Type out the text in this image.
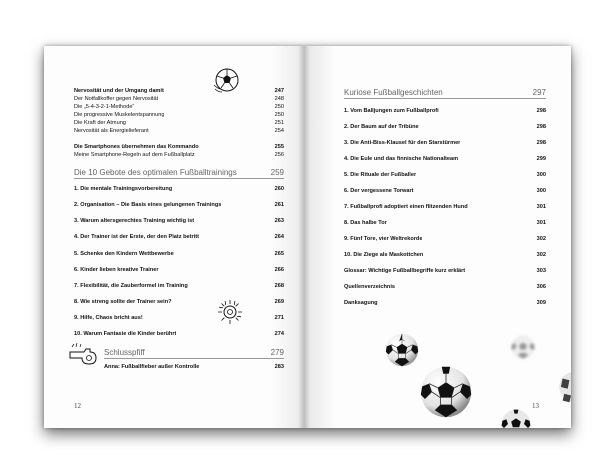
Nervosität und der Umgang damit	247
Der Notfallkoffer gegen Nervosität	248
Die „5-4-3-2-1-Methode“	250
Die progressive Muskelentspannung	250
Die Kraft der Atmung	251
Nervosität als Energielieferant	254
Die Smartphones übernehmen das Kommando	255
Meine Smartphone-Regeln auf dem Fußballplatz	256
Die 10 Gebote des optimalen Fußballtrainings	259
1. Die mentale Trainingsvorbereitung	260
2. Organisation – Die Basis eines gelungenen Trainings	261
3. Warum altersgerechtes Training wichtig ist	263
4. Der Trainer ist der Erste, der den Platz betritt	264
5. Schenke den Kindern Wettbewerbe	265
6. Kinder lieben kreative Trainer	266
7. Flexibilität, die Zauberformel im Training	268
8. Wie streng sollte der Trainer sein?	269
9. Hilfe, Chaos bricht aus!	271
10. Warum Fantasie die Kinder berührt	274
Schlusspfiff	279
Anna: Fußballfieber außer Kontrolle	283
12
Kuriose Fußballgeschichten	297
1. Vom Balljungen zum Fußballprofi	298
2. Der Baum auf der Tribüne	298
3. Die Anti-Biss-Klausel für den Starstürmer	298
4. Die Eule und das finnische Nationalteam	299
5. Die Rituale der Fußballer	300
6. Der vergessene Torwart	300
7. Fußballprofi adoptiert einen flitzenden Hund	301
8. Das halbe Tor	301
9. Fünf Tore, vier Weltrekorde	302
10. Die Ziege als Maskottchen	302
Glossar: Wichtige Fußballbegriffe kurz erklärt	303
Quellenverzeichnis	306
Danksagung	309
13
